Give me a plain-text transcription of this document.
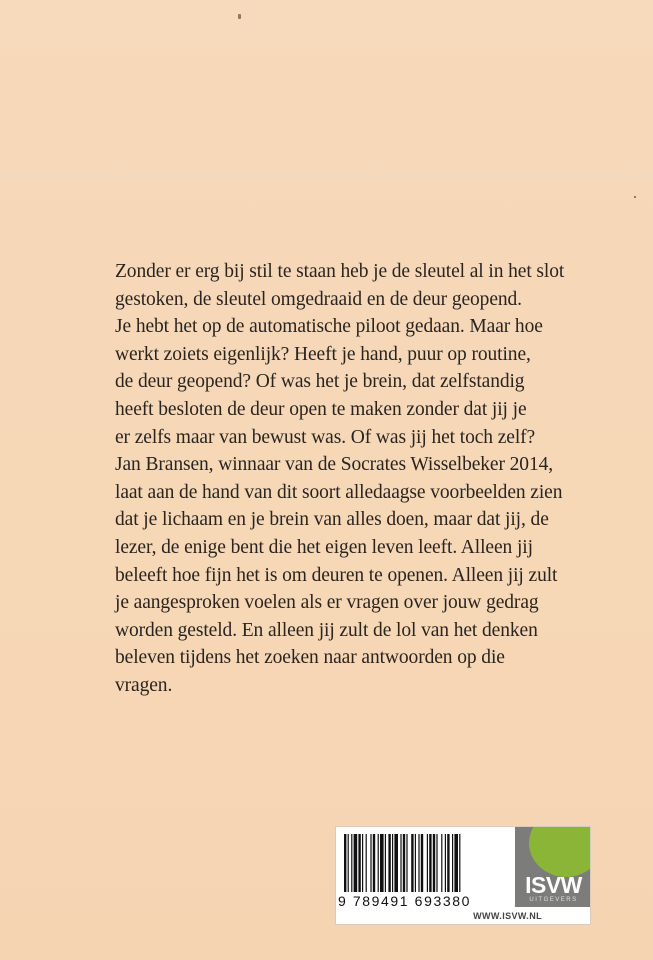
Zonder er erg bij stil te staan heb je de sleutel al in het slot
gestoken, de sleutel omgedraaid en de deur geopend.
Je hebt het op de automatische piloot gedaan. Maar hoe
werkt zoiets eigenlijk? Heeft je hand, puur op routine,
de deur geopend? Of was het je brein, dat zelfstandig
heeft besloten de deur open te maken zonder dat jij je
er zelfs maar van bewust was. Of was jij het toch zelf?
Jan Bransen, winnaar van de Socrates Wisselbeker 2014,
laat aan de hand van dit soort alledaagse voorbeelden zien
dat je lichaam en je brein van alles doen, maar dat jij, de
lezer, de enige bent die het eigen leven leeft. Alleen jij
beleeft hoe fijn het is om deuren te openen. Alleen jij zult
je aangesproken voelen als er vragen over jouw gedrag
worden gesteld. En alleen jij zult de lol van het denken
beleven tijdens het zoeken naar antwoorden op die
vragen.
9 789491 693380
ISVW
UITGEVERS
WWW.ISVW.NL
